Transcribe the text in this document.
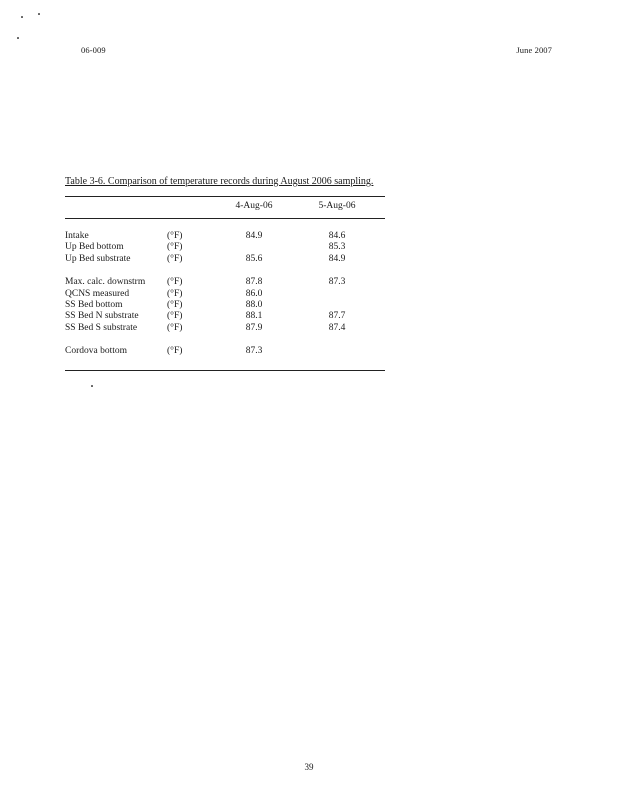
06-009	June 2007
Table 3-6. Comparison of temperature records during August 2006 sampling.
		4-Aug-06	5-Aug-06

Intake	(°F)	84.9	84.6
Up Bed bottom	(°F)		85.3
Up Bed substrate	(°F)	85.6	84.9

Max. calc. downstrm	(°F)	87.8	87.3
QCNS measured	(°F)	86.0	
SS Bed bottom	(°F)	88.0	
SS Bed N substrate	(°F)	88.1	87.7
SS Bed S substrate	(°F)	87.9	87.4

Cordova bottom	(°F)	87.3	

39
